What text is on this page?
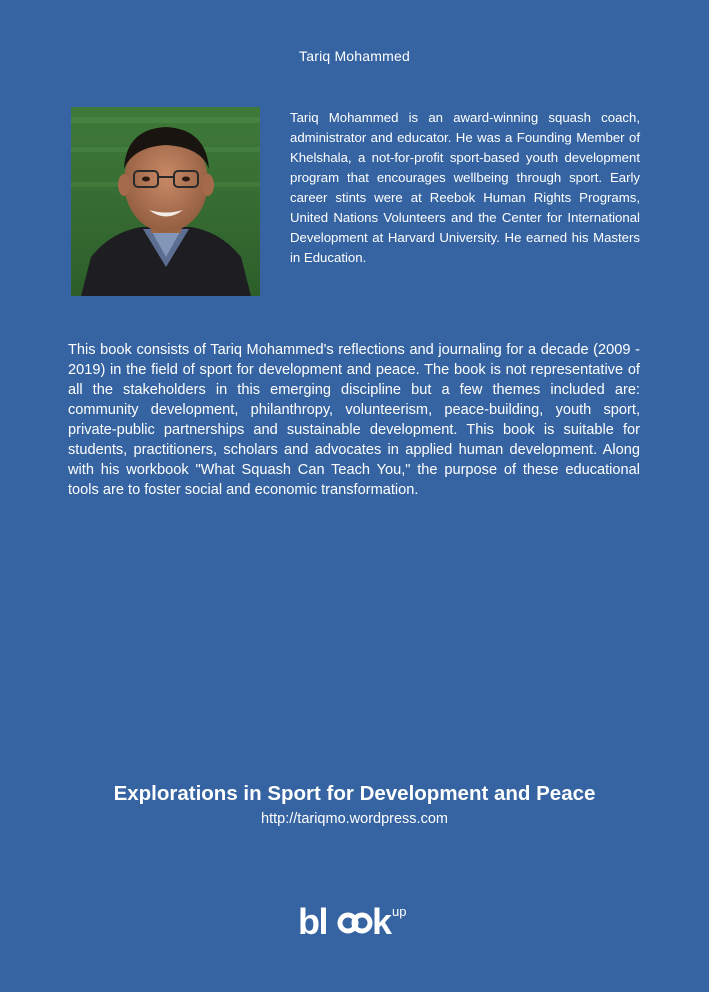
Tariq Mohammed

Tariq Mohammed is an award-winning squash coach, administrator and educator. He was a Founding Member of Khelshala, a not-for-profit sport-based youth development program that encourages wellbeing through sport. Early career stints were at Reebok Human Rights Programs, United Nations Volunteers and the Center for International Development at Harvard University. He earned his Masters in Education.

This book consists of Tariq Mohammed's reflections and journaling for a decade (2009 - 2019) in the field of sport for development and peace. The book is not representative of all the stakeholders in this emerging discipline but a few themes included are: community development, philanthropy, volunteerism, peace-building, youth sport, private-public partnerships and sustainable development. This book is suitable for students, practitioners, scholars and advocates in applied human development. Along with his workbook "What Squash Can Teach You," the purpose of these educational tools are to foster social and economic transformation.

Explorations in Sport for Development and Peace
http://tariqmo.wordpress.com
bl k up
